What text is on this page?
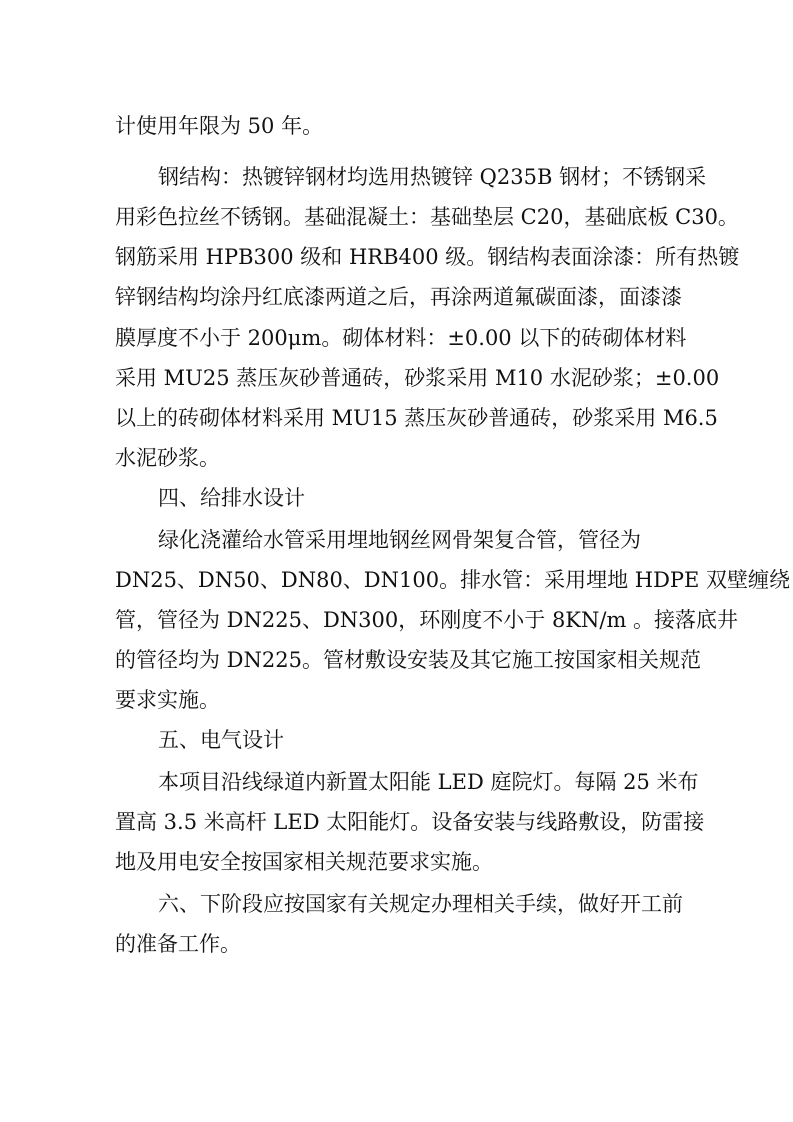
计使用年限为 50 年。
钢结构：热镀锌钢材均选用热镀锌 Q235B 钢材；不锈钢采
用彩色拉丝不锈钢。基础混凝土：基础垫层 C20，基础底板 C30。
钢筋采用 HPB300 级和 HRB400 级。钢结构表面涂漆：所有热镀
锌钢结构均涂丹红底漆两道之后，再涂两道氟碳面漆，面漆漆
膜厚度不小于 200μm。砌体材料：±0.00 以下的砖砌体材料
采用 MU25 蒸压灰砂普通砖，砂浆采用 M10 水泥砂浆；±0.00
以上的砖砌体材料采用 MU15 蒸压灰砂普通砖，砂浆采用 M6.5
水泥砂浆。
四、给排水设计
绿化浇灌给水管采用埋地钢丝网骨架复合管，管径为
DN25、DN50、DN80、DN100。排水管：采用埋地 HDPE 双壁缠绕
管，管径为 DN225、DN300，环刚度不小于 8KN/m 。接落底井
的管径均为 DN225。管材敷设安装及其它施工按国家相关规范
要求实施。
五、电气设计
本项目沿线绿道内新置太阳能 LED 庭院灯。每隔 25 米布
置高 3.5 米高杆 LED 太阳能灯。设备安装与线路敷设，防雷接
地及用电安全按国家相关规范要求实施。
六、下阶段应按国家有关规定办理相关手续，做好开工前
的准备工作。
